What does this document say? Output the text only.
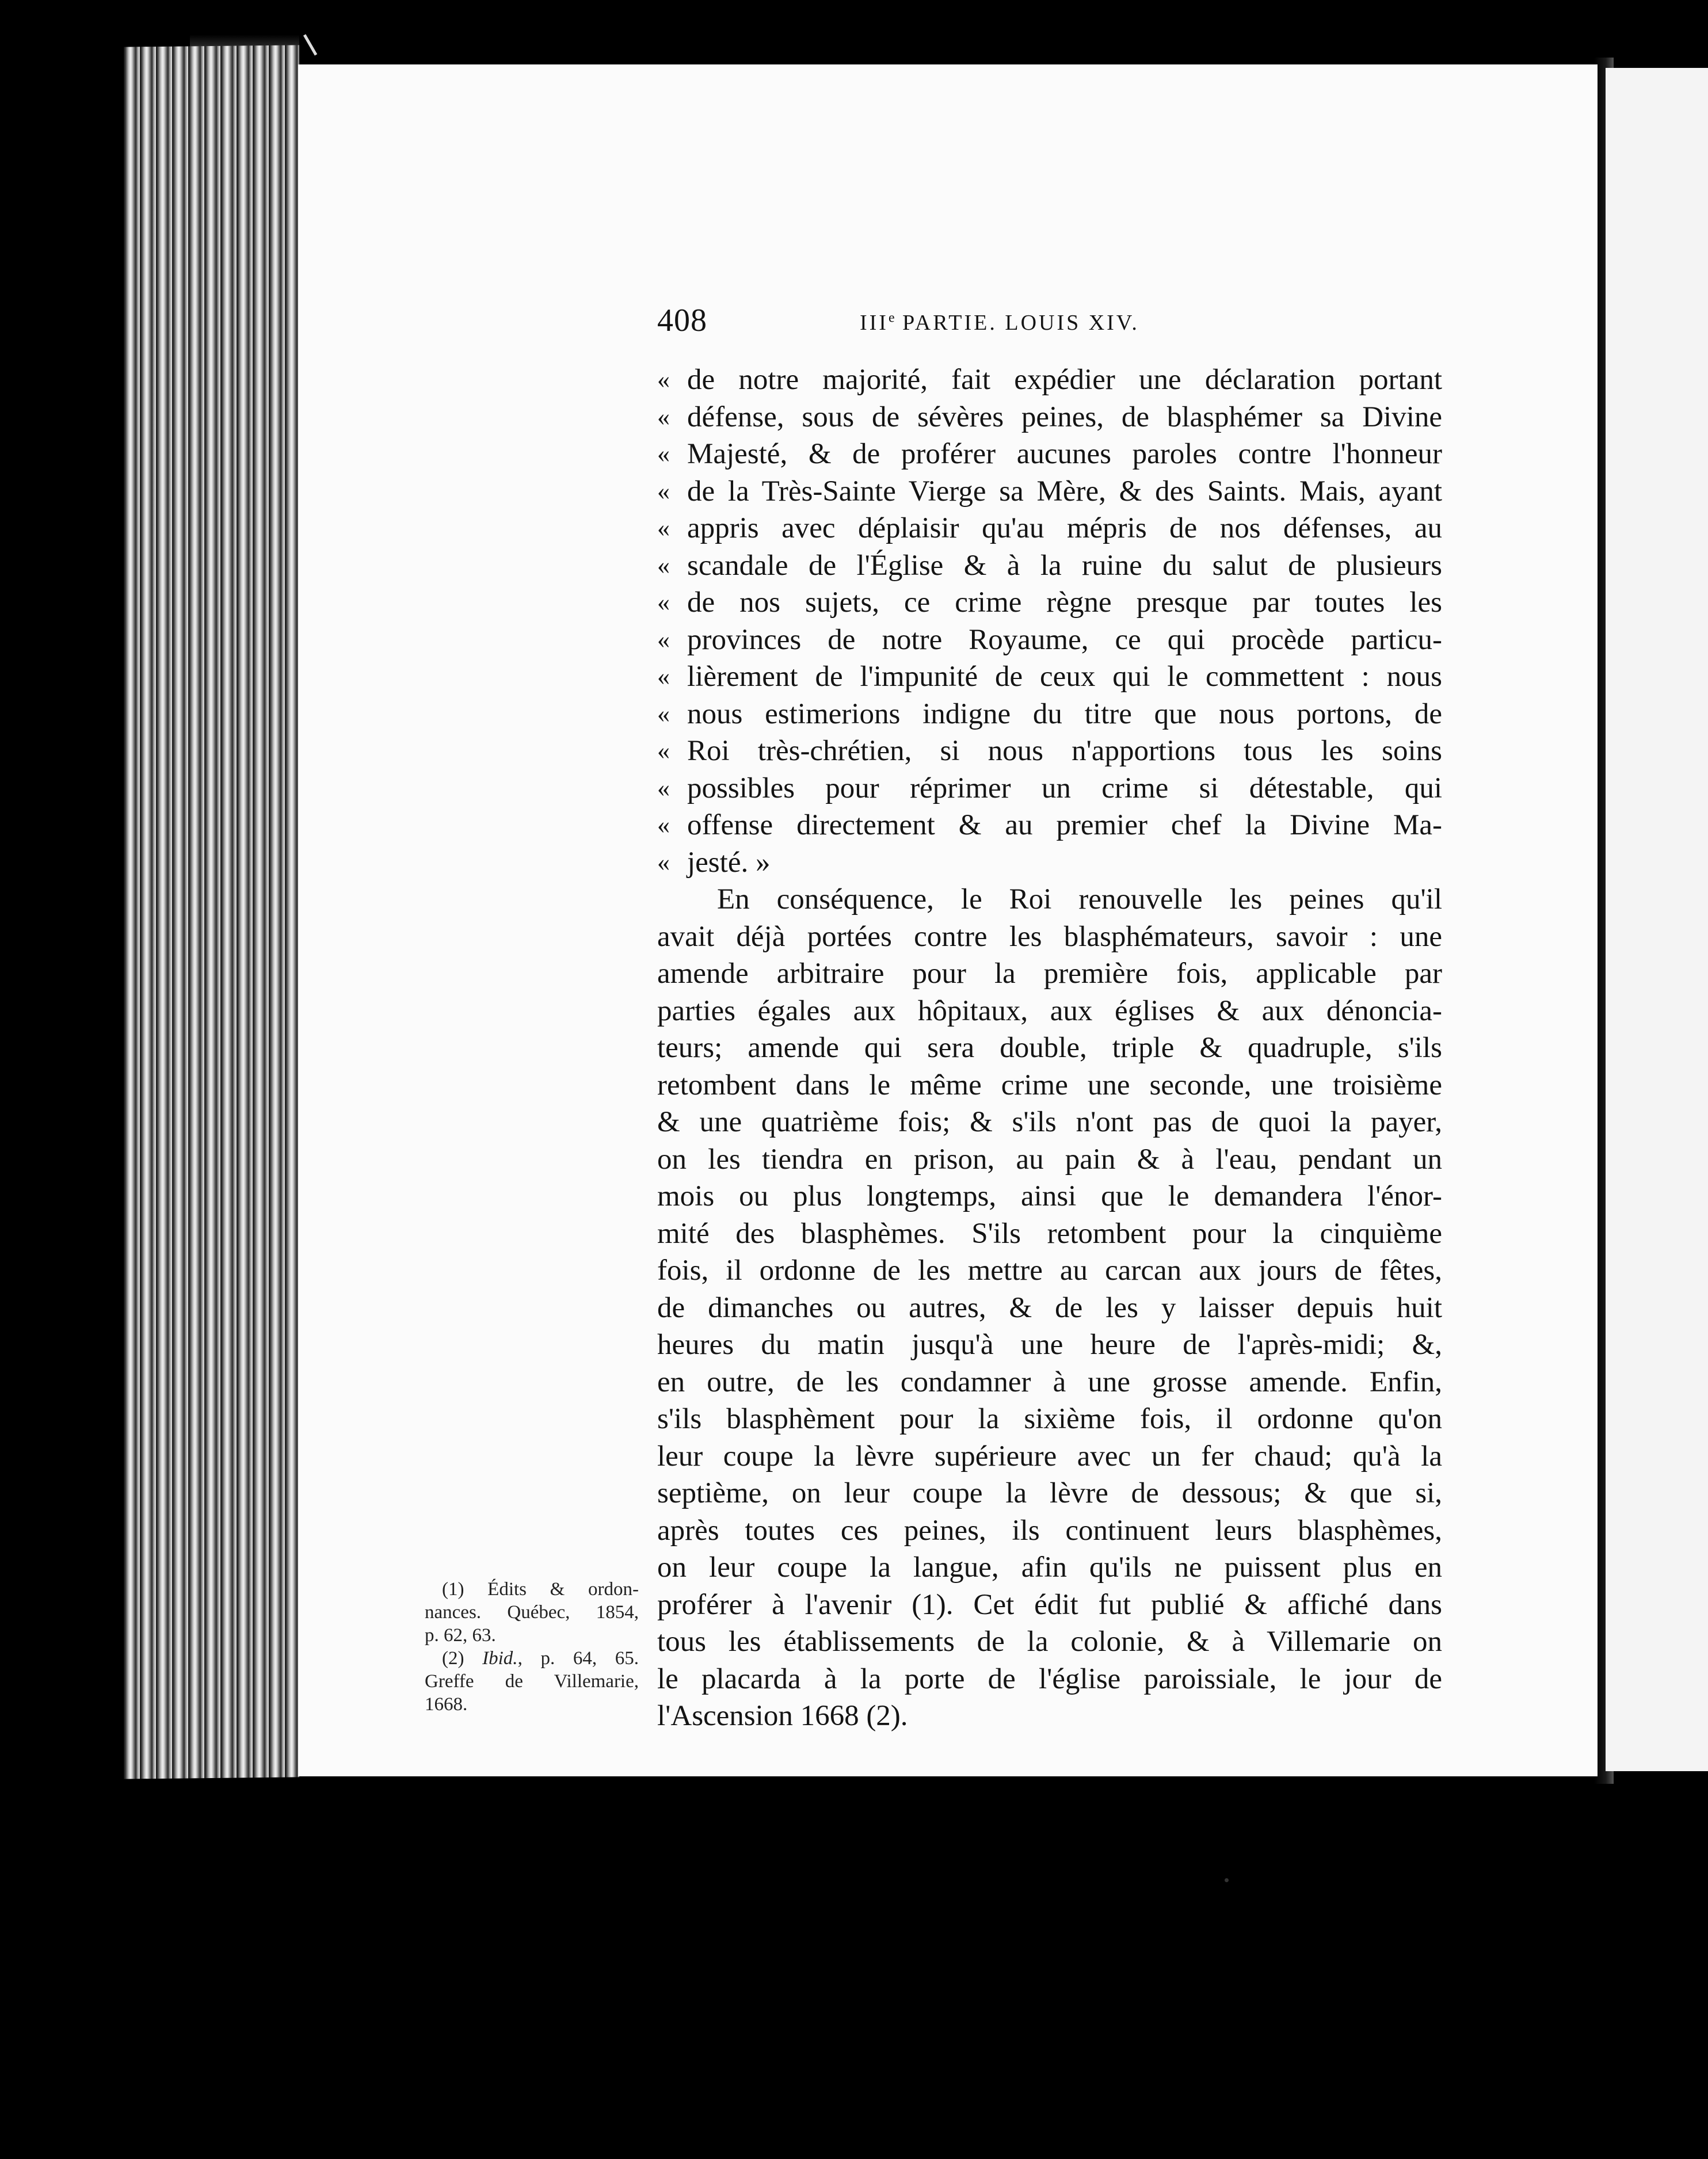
408	IIIe PARTIE. LOUIS XIV.
« de notre majorité, fait expédier une déclaration portant
« défense, sous de sévères peines, de blasphémer sa Divine
« Majesté, & de proférer aucunes paroles contre l'honneur
« de la Très-Sainte Vierge sa Mère, & des Saints. Mais, ayant
« appris avec déplaisir qu'au mépris de nos défenses, au
« scandale de l'Église & à la ruine du salut de plusieurs
« de nos sujets, ce crime règne presque par toutes les
« provinces de notre Royaume, ce qui procède particu-
« lièrement de l'impunité de ceux qui le commettent : nous
« nous estimerions indigne du titre que nous portons, de
« Roi très-chrétien, si nous n'apportions tous les soins
« possibles pour réprimer un crime si détestable, qui
« offense directement & au premier chef la Divine Ma-
« jesté. »
En conséquence, le Roi renouvelle les peines qu'il
avait déjà portées contre les blasphémateurs, savoir : une
amende arbitraire pour la première fois, applicable par
parties égales aux hôpitaux, aux églises & aux dénoncia-
teurs; amende qui sera double, triple & quadruple, s'ils
retombent dans le même crime une seconde, une troisième
& une quatrième fois; & s'ils n'ont pas de quoi la payer,
on les tiendra en prison, au pain & à l'eau, pendant un
mois ou plus longtemps, ainsi que le demandera l'énor-
mité des blasphèmes. S'ils retombent pour la cinquième
fois, il ordonne de les mettre au carcan aux jours de fêtes,
de dimanches ou autres, & de les y laisser depuis huit
heures du matin jusqu'à une heure de l'après-midi; &,
en outre, de les condamner à une grosse amende. Enfin,
s'ils blasphèment pour la sixième fois, il ordonne qu'on
leur coupe la lèvre supérieure avec un fer chaud; qu'à la
septième, on leur coupe la lèvre de dessous; & que si,
après toutes ces peines, ils continuent leurs blasphèmes,
on leur coupe la langue, afin qu'ils ne puissent plus en
proférer à l'avenir (1). Cet édit fut publié & affiché dans
tous les établissements de la colonie, & à Villemarie on
le placarda à la porte de l'église paroissiale, le jour de
l'Ascension 1668 (2).
(1) Édits & ordon-
nances. Québec, 1854,
p. 62, 63.
(2) Ibid., p. 64, 65.
Greffe de Villemarie,
1668.
